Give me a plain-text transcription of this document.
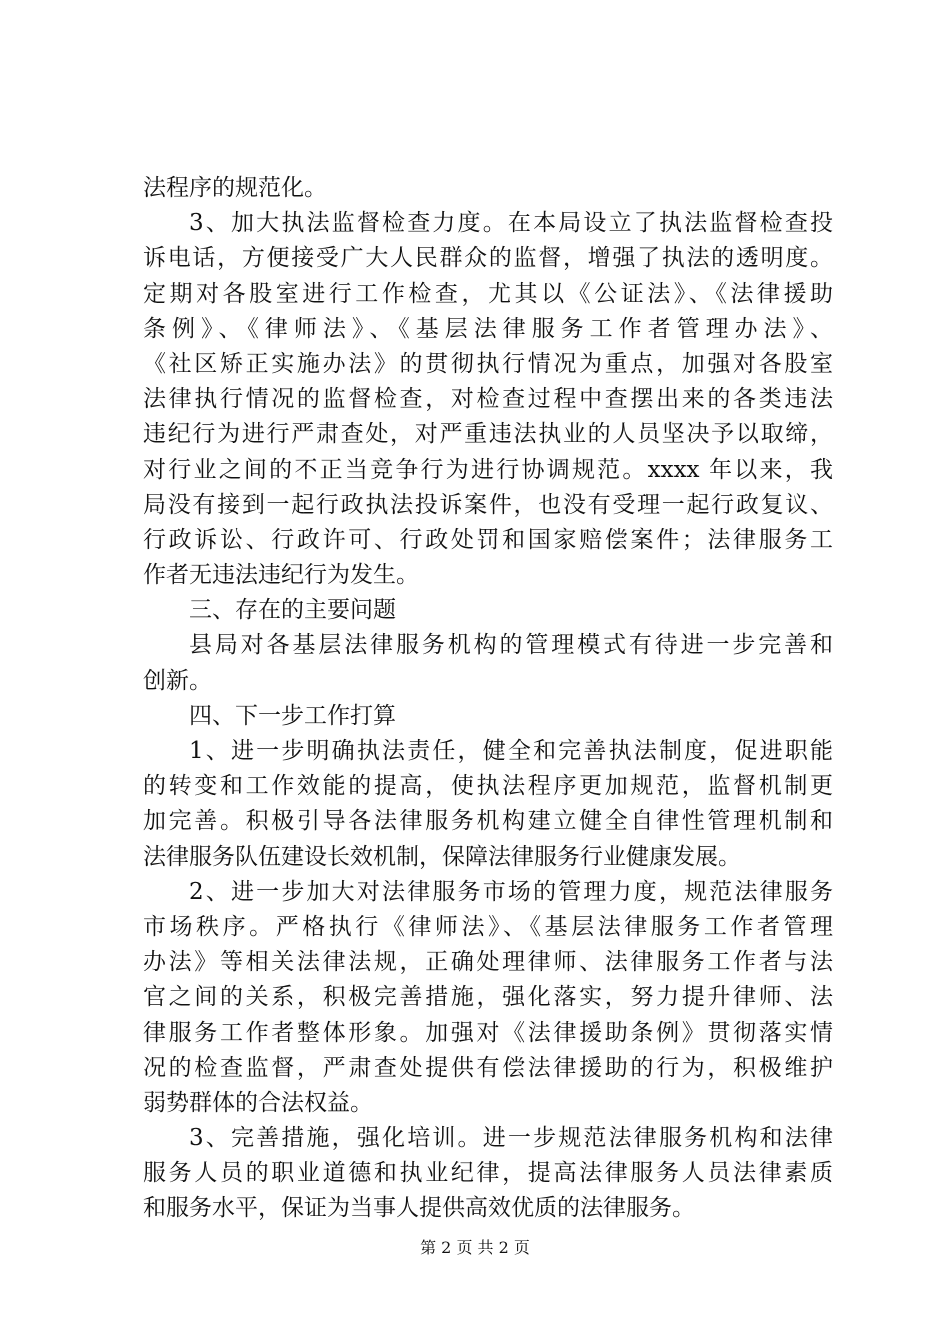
法程序的规范化。
3、加大执法监督检查力度。在本局设立了执法监督检查投
诉电话，方便接受广大人民群众的监督，增强了执法的透明度。
定期对各股室进行工作检查，尤其以《公证法》、《法律援助
条例》、《律师法》、《基层法律服务工作者管理办法》、
《社区矫正实施办法》的贯彻执行情况为重点，加强对各股室
法律执行情况的监督检查，对检查过程中查摆出来的各类违法
违纪行为进行严肃查处，对严重违法执业的人员坚决予以取缔，
对行业之间的不正当竞争行为进行协调规范。xxxx 年以来，我
局没有接到一起行政执法投诉案件，也没有受理一起行政复议、
行政诉讼、行政许可、行政处罚和国家赔偿案件；法律服务工
作者无违法违纪行为发生。
三、存在的主要问题
县局对各基层法律服务机构的管理模式有待进一步完善和
创新。
四、下一步工作打算
1、进一步明确执法责任，健全和完善执法制度，促进职能
的转变和工作效能的提高，使执法程序更加规范，监督机制更
加完善。积极引导各法律服务机构建立健全自律性管理机制和
法律服务队伍建设长效机制，保障法律服务行业健康发展。
2、进一步加大对法律服务市场的管理力度，规范法律服务
市场秩序。严格执行《律师法》、《基层法律服务工作者管理
办法》等相关法律法规，正确处理律师、法律服务工作者与法
官之间的关系，积极完善措施，强化落实，努力提升律师、法
律服务工作者整体形象。加强对《法律援助条例》贯彻落实情
况的检查监督，严肃查处提供有偿法律援助的行为，积极维护
弱势群体的合法权益。
3、完善措施，强化培训。进一步规范法律服务机构和法律
服务人员的职业道德和执业纪律，提高法律服务人员法律素质
和服务水平，保证为当事人提供高效优质的法律服务。
第 2 页 共 2 页
